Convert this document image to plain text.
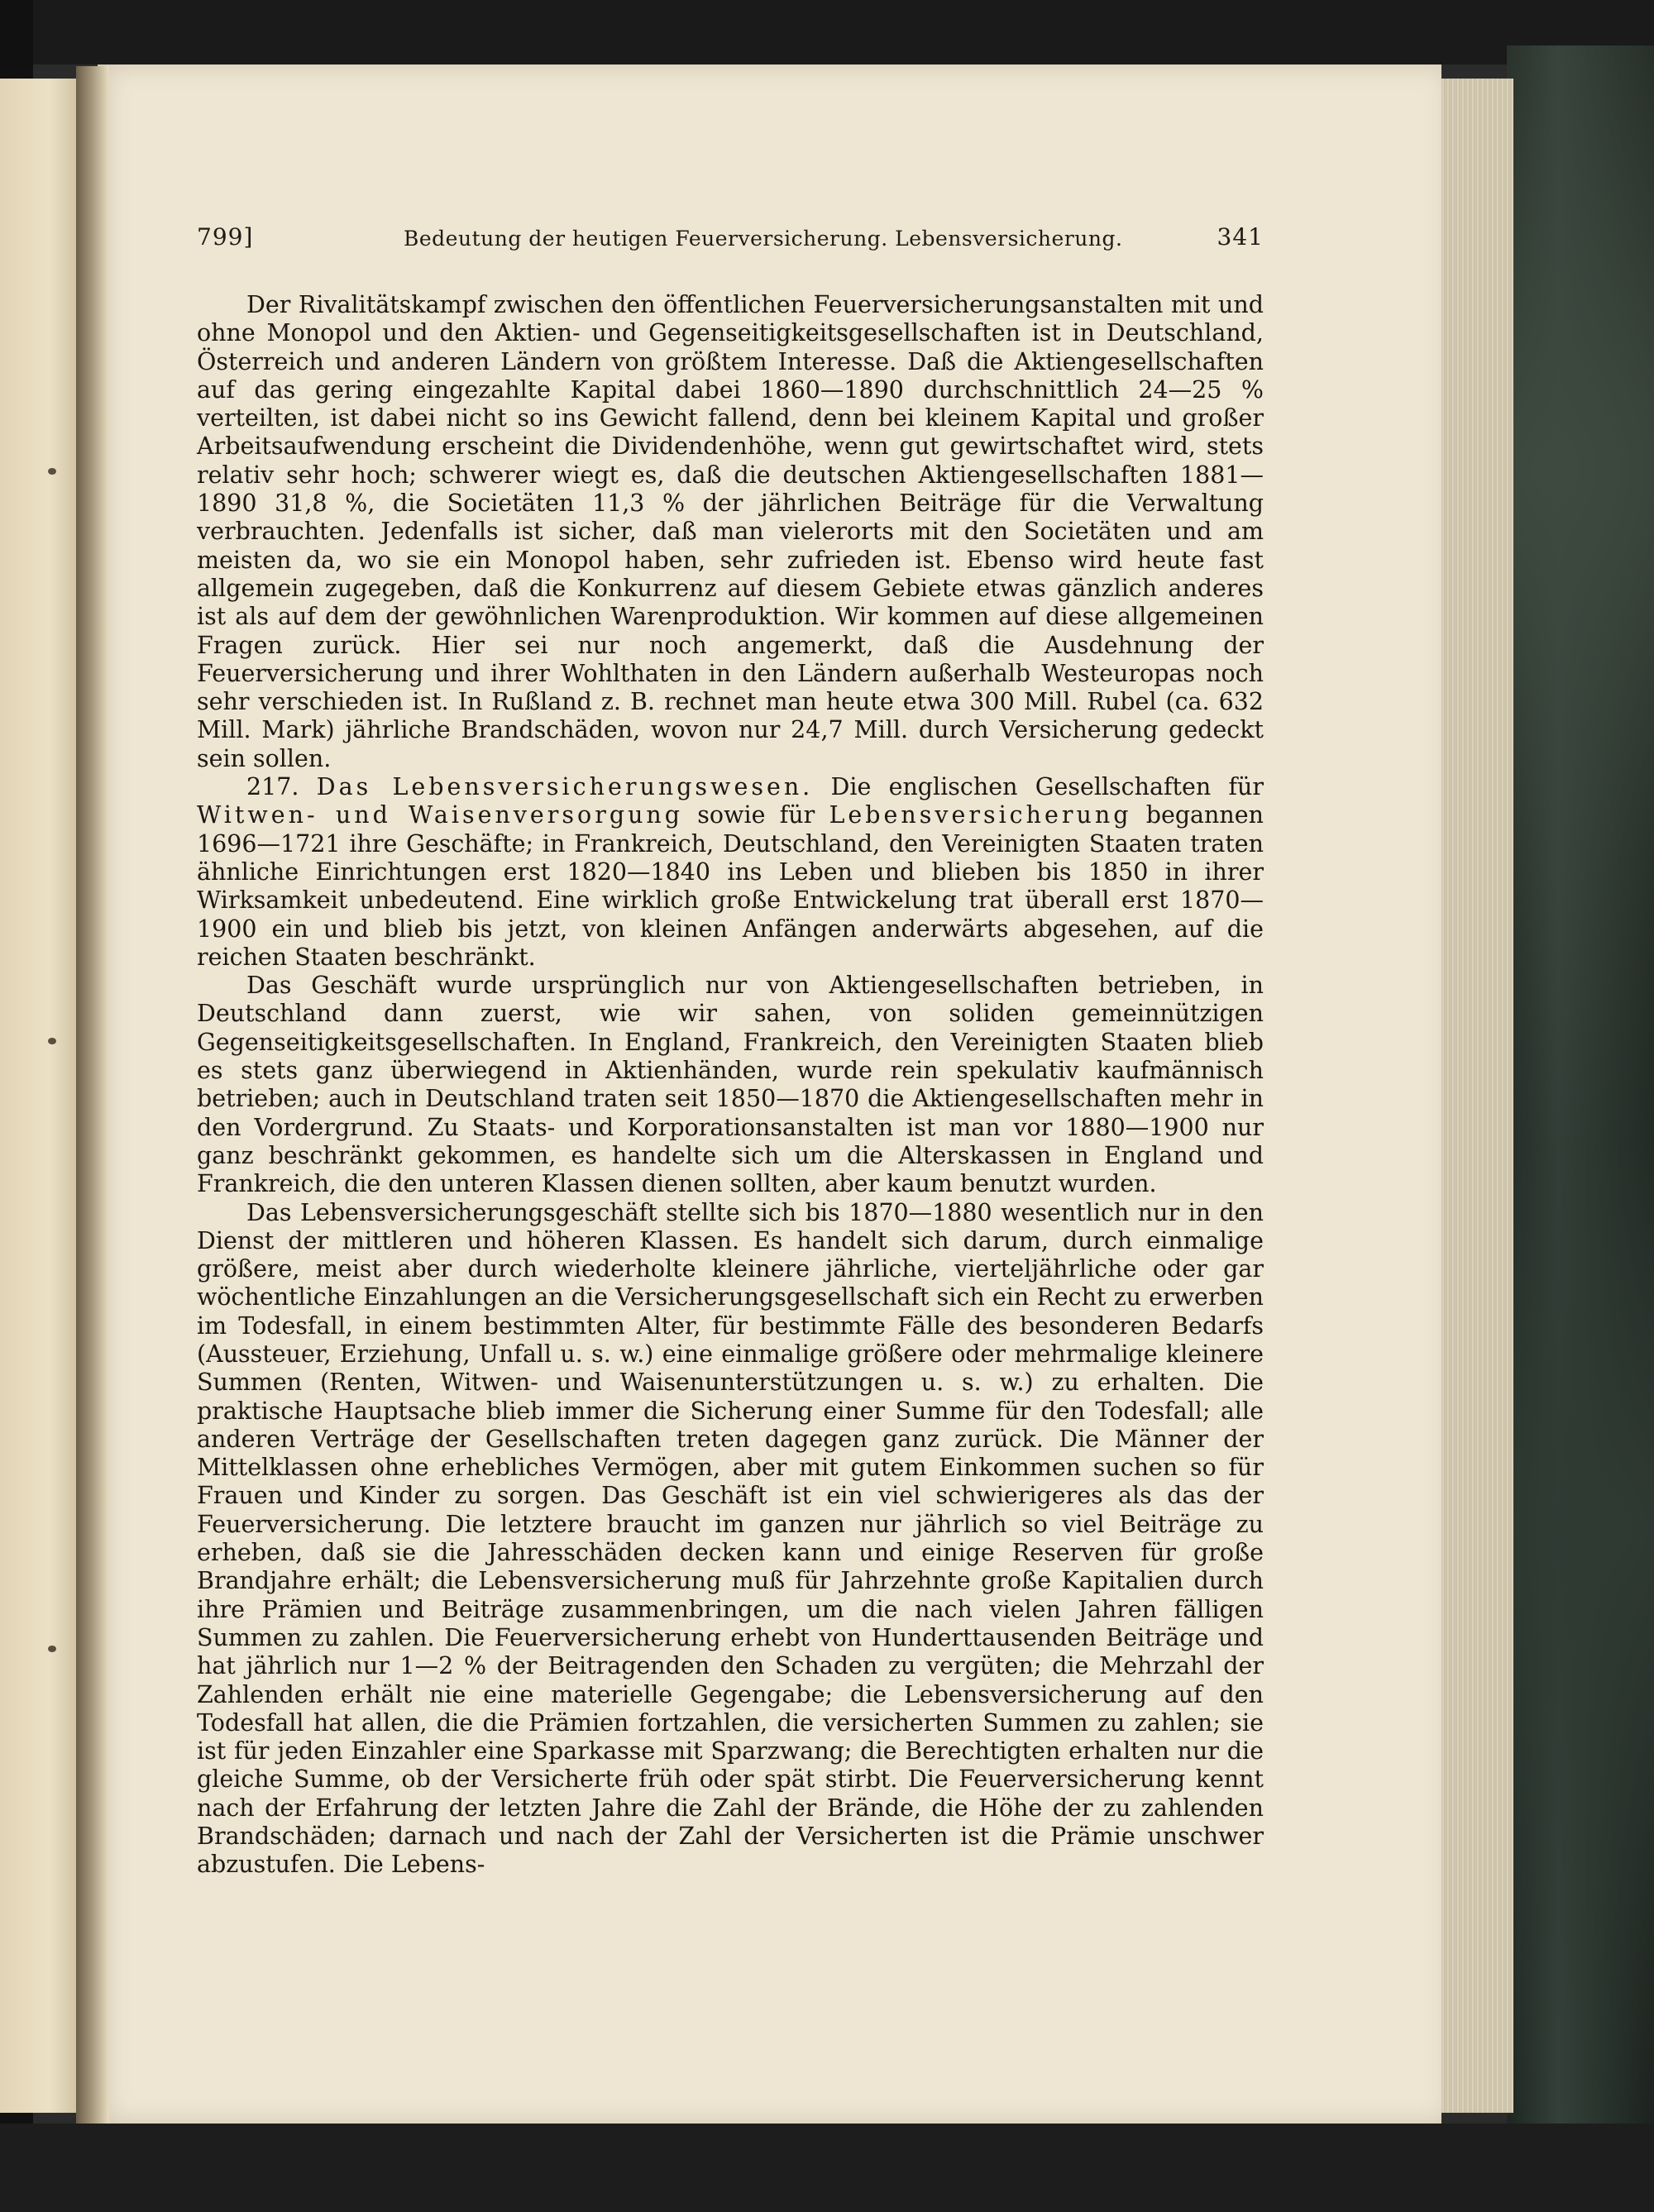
799]	Bedeutung der heutigen Feuerversicherung. Lebensversicherung.	341

Der Rivalitätskampf zwischen den öffentlichen Feuerversicherungsanstalten mit und ohne Monopol und den Aktien- und Gegenseitigkeitsgesellschaften ist in Deutschland, Österreich und anderen Ländern von größtem Interesse. Daß die Aktiengesellschaften auf das gering eingezahlte Kapital dabei 1860—1890 durchschnittlich 24—25 % verteilten, ist dabei nicht so ins Gewicht fallend, denn bei kleinem Kapital und großer Arbeitsaufwendung erscheint die Dividendenhöhe, wenn gut gewirtschaftet wird, stets relativ sehr hoch; schwerer wiegt es, daß die deutschen Aktiengesellschaften 1881—1890 31,8 %, die Societäten 11,3 % der jährlichen Beiträge für die Verwaltung verbrauchten. Jedenfalls ist sicher, daß man vielerorts mit den Societäten und am meisten da, wo sie ein Monopol haben, sehr zufrieden ist. Ebenso wird heute fast allgemein zugegeben, daß die Konkurrenz auf diesem Gebiete etwas gänzlich anderes ist als auf dem der gewöhnlichen Warenproduktion. Wir kommen auf diese allgemeinen Fragen zurück. Hier sei nur noch angemerkt, daß die Ausdehnung der Feuerversicherung und ihrer Wohlthaten in den Ländern außerhalb Westeuropas noch sehr verschieden ist. In Rußland z. B. rechnet man heute etwa 300 Mill. Rubel (ca. 632 Mill. Mark) jährliche Brandschäden, wovon nur 24,7 Mill. durch Versicherung gedeckt sein sollen.

217. Das Lebensversicherungswesen. Die englischen Gesellschaften für Witwen- und Waisenversorgung sowie für Lebensversicherung begannen 1696—1721 ihre Geschäfte; in Frankreich, Deutschland, den Vereinigten Staaten traten ähnliche Einrichtungen erst 1820—1840 ins Leben und blieben bis 1850 in ihrer Wirksamkeit unbedeutend. Eine wirklich große Entwickelung trat überall erst 1870—1900 ein und blieb bis jetzt, von kleinen Anfängen anderwärts abgesehen, auf die reichen Staaten beschränkt.

Das Geschäft wurde ursprünglich nur von Aktiengesellschaften betrieben, in Deutschland dann zuerst, wie wir sahen, von soliden gemeinnützigen Gegenseitigkeitsgesellschaften. In England, Frankreich, den Vereinigten Staaten blieb es stets ganz überwiegend in Aktienhänden, wurde rein spekulativ kaufmännisch betrieben; auch in Deutschland traten seit 1850—1870 die Aktiengesellschaften mehr in den Vordergrund. Zu Staats- und Korporationsanstalten ist man vor 1880—1900 nur ganz beschränkt gekommen, es handelte sich um die Alterskassen in England und Frankreich, die den unteren Klassen dienen sollten, aber kaum benutzt wurden.

Das Lebensversicherungsgeschäft stellte sich bis 1870—1880 wesentlich nur in den Dienst der mittleren und höheren Klassen. Es handelt sich darum, durch einmalige größere, meist aber durch wiederholte kleinere jährliche, vierteljährliche oder gar wöchentliche Einzahlungen an die Versicherungsgesellschaft sich ein Recht zu erwerben im Todesfall, in einem bestimmten Alter, für bestimmte Fälle des besonderen Bedarfs (Aussteuer, Erziehung, Unfall u. s. w.) eine einmalige größere oder mehrmalige kleinere Summen (Renten, Witwen- und Waisenunterstützungen u. s. w.) zu erhalten. Die praktische Hauptsache blieb immer die Sicherung einer Summe für den Todesfall; alle anderen Verträge der Gesellschaften treten dagegen ganz zurück. Die Männer der Mittelklassen ohne erhebliches Vermögen, aber mit gutem Einkommen suchen so für Frauen und Kinder zu sorgen. Das Geschäft ist ein viel schwierigeres als das der Feuerversicherung. Die letztere braucht im ganzen nur jährlich so viel Beiträge zu erheben, daß sie die Jahresschäden decken kann und einige Reserven für große Brandjahre erhält; die Lebensversicherung muß für Jahrzehnte große Kapitalien durch ihre Prämien und Beiträge zusammenbringen, um die nach vielen Jahren fälligen Summen zu zahlen. Die Feuerversicherung erhebt von Hunderttausenden Beiträge und hat jährlich nur 1—2 % der Beitragenden den Schaden zu vergüten; die Mehrzahl der Zahlenden erhält nie eine materielle Gegengabe; die Lebensversicherung auf den Todesfall hat allen, die die Prämien fortzahlen, die versicherten Summen zu zahlen; sie ist für jeden Einzahler eine Sparkasse mit Sparzwang; die Berechtigten erhalten nur die gleiche Summe, ob der Versicherte früh oder spät stirbt. Die Feuerversicherung kennt nach der Erfahrung der letzten Jahre die Zahl der Brände, die Höhe der zu zahlenden Brandschäden; darnach und nach der Zahl der Versicherten ist die Prämie unschwer abzustufen. Die Lebens-
